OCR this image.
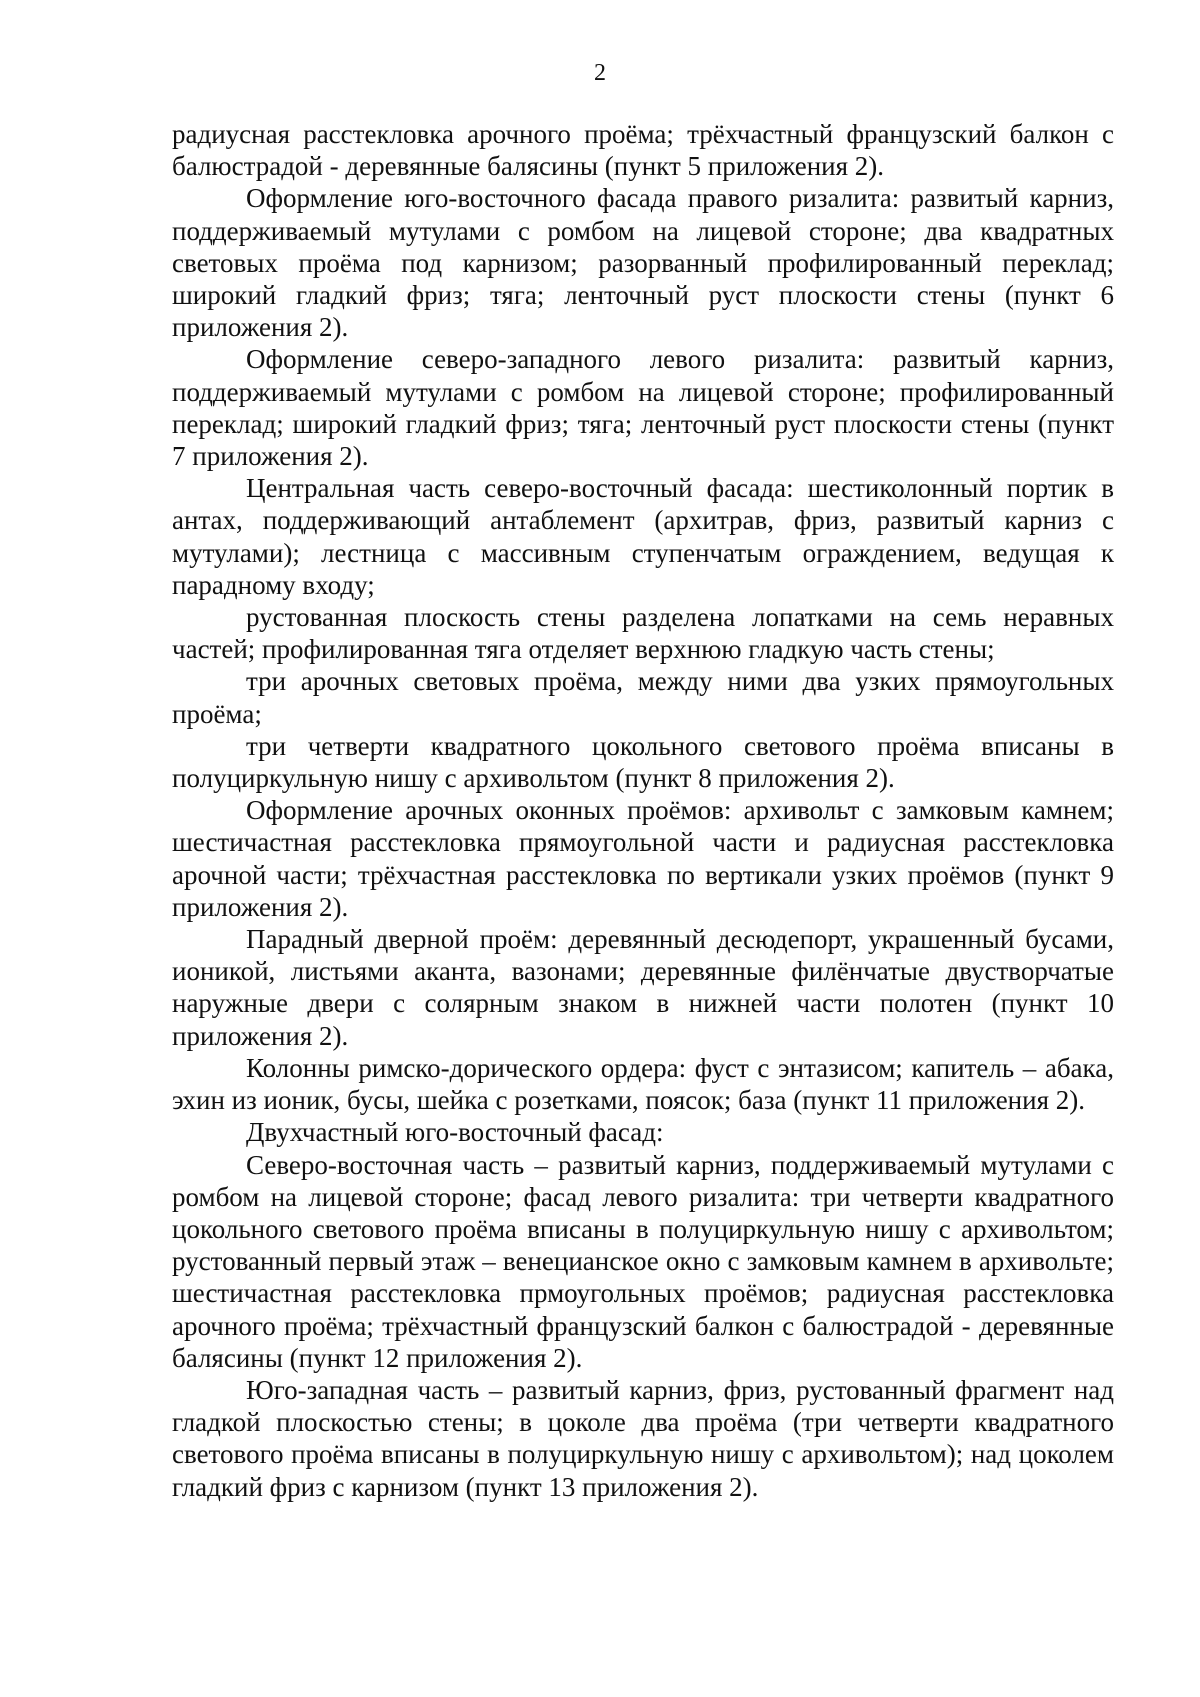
2

радиусная расстекловка арочного проёма; трёхчастный французский балкон с балюстрадой - деревянные балясины (пункт 5 приложения 2).

Оформление юго-восточного фасада правого ризалита: развитый карниз, поддерживаемый мутулами с ромбом на лицевой стороне; два квадратных световых проёма под карнизом; разорванный профилированный переклад; широкий гладкий фриз; тяга; ленточный руст плоскости стены (пункт 6 приложения 2).

Оформление северо-западного левого ризалита: развитый карниз, поддерживаемый мутулами с ромбом на лицевой стороне; профилированный переклад; широкий гладкий фриз; тяга; ленточный руст плоскости стены (пункт 7 приложения 2).

Центральная часть северо-восточный фасада: шестиколонный портик в антах, поддерживающий антаблемент (архитрав, фриз, развитый карниз с мутулами); лестница с массивным ступенчатым ограждением, ведущая к парадному входу;

рустованная плоскость стены разделена лопатками на семь неравных частей; профилированная тяга отделяет верхнюю гладкую часть стены;

три арочных световых проёма, между ними два узких прямоугольных проёма;

три четверти квадратного цокольного светового проёма вписаны в полуциркульную нишу с архивольтом (пункт 8 приложения 2).

Оформление арочных оконных проёмов: архивольт с замковым камнем; шестичастная расстекловка прямоугольной части и радиусная расстекловка арочной части; трёхчастная расстекловка по вертикали узких проёмов (пункт 9 приложения 2).

Парадный дверной проём: деревянный десюдепорт, украшенный бусами, ионикой, листьями аканта, вазонами; деревянные филёнчатые двустворчатые наружные двери с солярным знаком в нижней части полотен (пункт 10 приложения 2).

Колонны римско-дорического ордера: фуст с энтазисом; капитель – абака, эхин из ионик, бусы, шейка с розетками, поясок; база (пункт 11 приложения 2).

Двухчастный юго-восточный фасад:

Северо-восточная часть – развитый карниз, поддерживаемый мутулами с ромбом на лицевой стороне; фасад левого ризалита: три четверти квадратного цокольного светового проёма вписаны в полуциркульную нишу с архивольтом; рустованный первый этаж – венецианское окно с замковым камнем в архивольте; шестичастная расстекловка прмоугольных проёмов; радиусная расстекловка арочного проёма; трёхчастный французский балкон с балюстрадой - деревянные балясины (пункт 12 приложения 2).

Юго-западная часть – развитый карниз, фриз, рустованный фрагмент над гладкой плоскостью стены; в цоколе два проёма (три четверти квадратного светового проёма вписаны в полуциркульную нишу с архивольтом); над цоколем гладкий фриз с карнизом (пункт 13 приложения 2).
